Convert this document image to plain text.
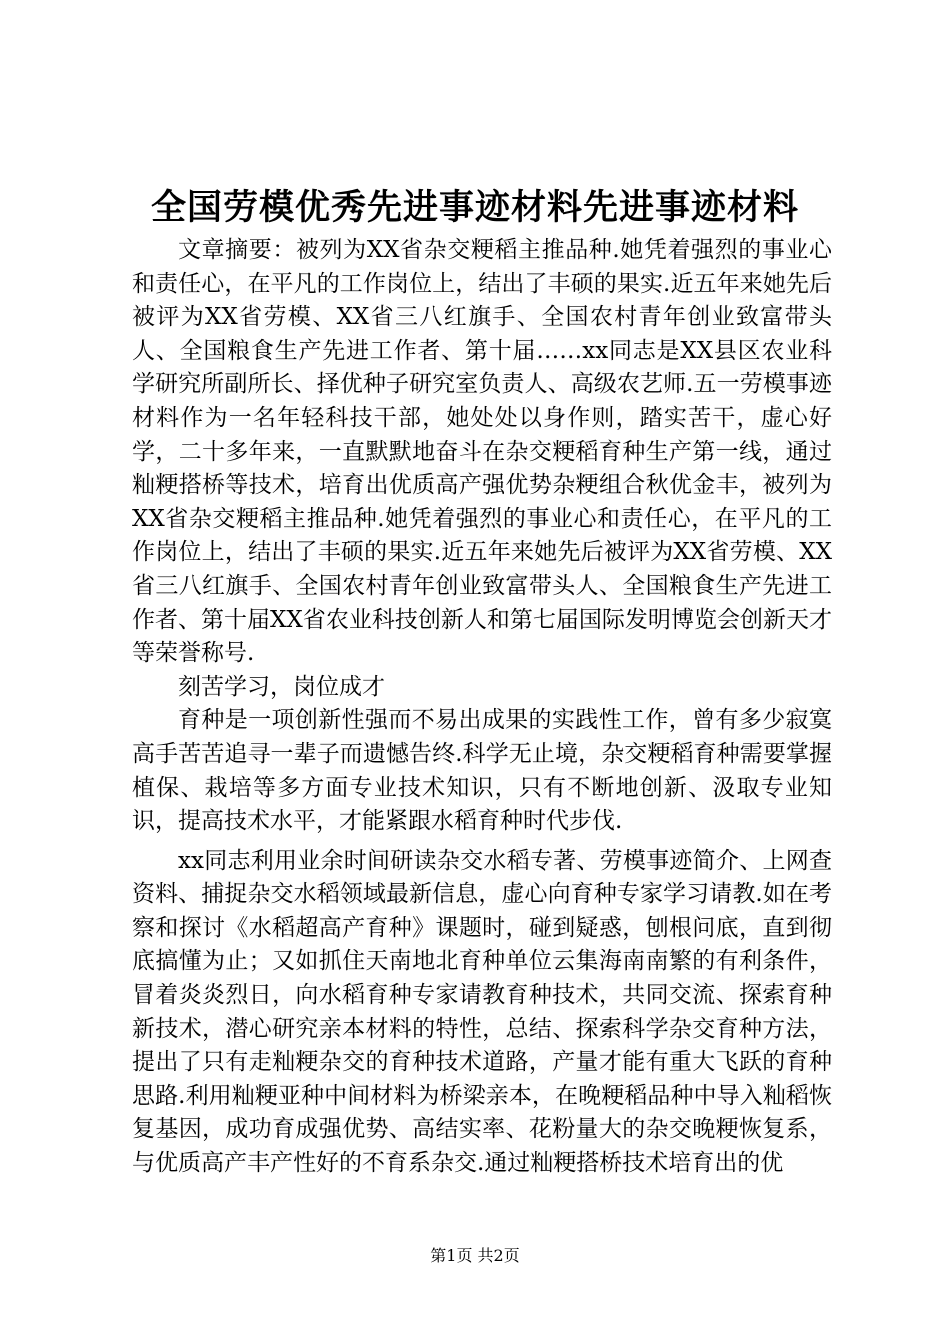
全国劳模优秀先进事迹材料先进事迹材料

文章摘要：被列为XX省杂交粳稻主推品种.她凭着强烈的事业心和责任心，在平凡的工作岗位上，结出了丰硕的果实.近五年来她先后被评为XX省劳模、XX省三八红旗手、全国农村青年创业致富带头人、全国粮食生产先进工作者、第十届……xx同志是XX县区农业科学研究所副所长、择优种子研究室负责人、高级农艺师.五一劳模事迹材料作为一名年轻科技干部，她处处以身作则，踏实苦干，虚心好学，二十多年来，一直默默地奋斗在杂交粳稻育种生产第一线，通过籼粳搭桥等技术，培育出优质高产强优势杂粳组合秋优金丰，被列为XX省杂交粳稻主推品种.她凭着强烈的事业心和责任心，在平凡的工作岗位上，结出了丰硕的果实.近五年来她先后被评为XX省劳模、XX省三八红旗手、全国农村青年创业致富带头人、全国粮食生产先进工作者、第十届XX省农业科技创新人和第七届国际发明博览会创新天才等荣誉称号.

刻苦学习，岗位成才

育种是一项创新性强而不易出成果的实践性工作，曾有多少寂寞高手苦苦追寻一辈子而遗憾告终.科学无止境，杂交粳稻育种需要掌握植保、栽培等多方面专业技术知识，只有不断地创新、汲取专业知识，提高技术水平，才能紧跟水稻育种时代步伐.

xx同志利用业余时间研读杂交水稻专著、劳模事迹简介、上网查资料、捕捉杂交水稻领域最新信息，虚心向育种专家学习请教.如在考察和探讨《水稻超高产育种》课题时，碰到疑惑，刨根问底，直到彻底搞懂为止；又如抓住天南地北育种单位云集海南南繁的有利条件，冒着炎炎烈日，向水稻育种专家请教育种技术，共同交流、探索育种新技术，潜心研究亲本材料的特性，总结、探索科学杂交育种方法，提出了只有走籼粳杂交的育种技术道路，产量才能有重大飞跃的育种思路.利用籼粳亚种中间材料为桥梁亲本，在晚粳稻品种中导入籼稻恢复基因，成功育成强优势、高结实率、花粉量大的杂交晚粳恢复系，与优质高产丰产性好的不育系杂交.通过籼粳搭桥技术培育出的优

第1页 共2页
